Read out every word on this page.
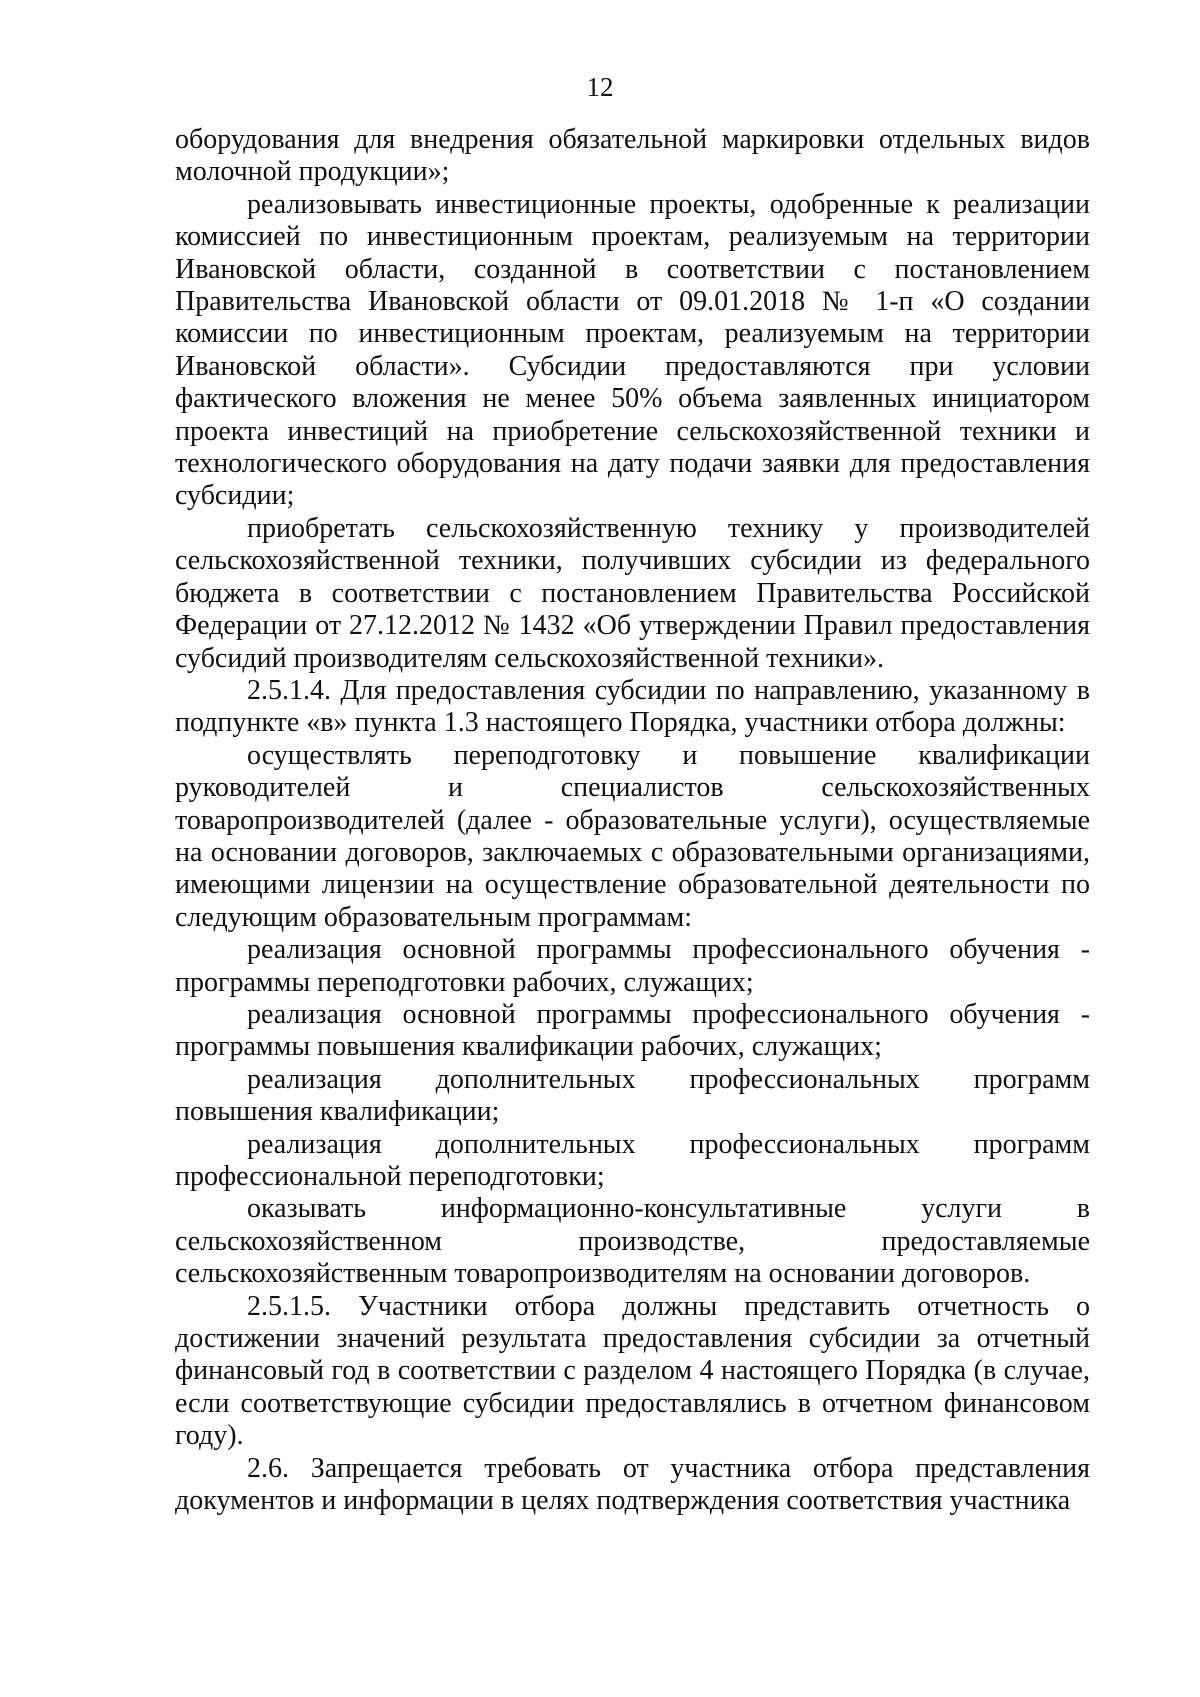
12

оборудования для внедрения обязательной маркировки отдельных видов молочной продукции»;

реализовывать инвестиционные проекты, одобренные к реализации комиссией по инвестиционным проектам, реализуемым на территории Ивановской области, созданной в соответствии с постановлением Правительства Ивановской области от 09.01.2018 № 1-п «О создании комиссии по инвестиционным проектам, реализуемым на территории Ивановской области». Субсидии предоставляются при условии фактического вложения не менее 50% объема заявленных инициатором проекта инвестиций на приобретение сельскохозяйственной техники и технологического оборудования на дату подачи заявки для предоставления субсидии;

приобретать сельскохозяйственную технику у производителей сельскохозяйственной техники, получивших субсидии из федерального бюджета в соответствии с постановлением Правительства Российской Федерации от 27.12.2012 № 1432 «Об утверждении Правил предоставления субсидий производителям сельскохозяйственной техники».

2.5.1.4. Для предоставления субсидии по направлению, указанному в подпункте «в» пункта 1.3 настоящего Порядка, участники отбора должны:

осуществлять переподготовку и повышение квалификации руководителей и специалистов сельскохозяйственных товаропроизводителей (далее - образовательные услуги), осуществляемые на основании договоров, заключаемых с образовательными организациями, имеющими лицензии на осуществление образовательной деятельности по следующим образовательным программам:

реализация основной программы профессионального обучения - программы переподготовки рабочих, служащих;

реализация основной программы профессионального обучения - программы повышения квалификации рабочих, служащих;

реализация дополнительных профессиональных программ повышения квалификации;

реализация дополнительных профессиональных программ профессиональной переподготовки;

оказывать информационно-консультативные услуги в сельскохозяйственном производстве, предоставляемые сельскохозяйственным товаропроизводителям на основании договоров.

2.5.1.5. Участники отбора должны представить отчетность о достижении значений результата предоставления субсидии за отчетный финансовый год в соответствии с разделом 4 настоящего Порядка (в случае, если соответствующие субсидии предоставлялись в отчетном финансовом году).

2.6. Запрещается требовать от участника отбора представления документов и информации в целях подтверждения соответствия участника
